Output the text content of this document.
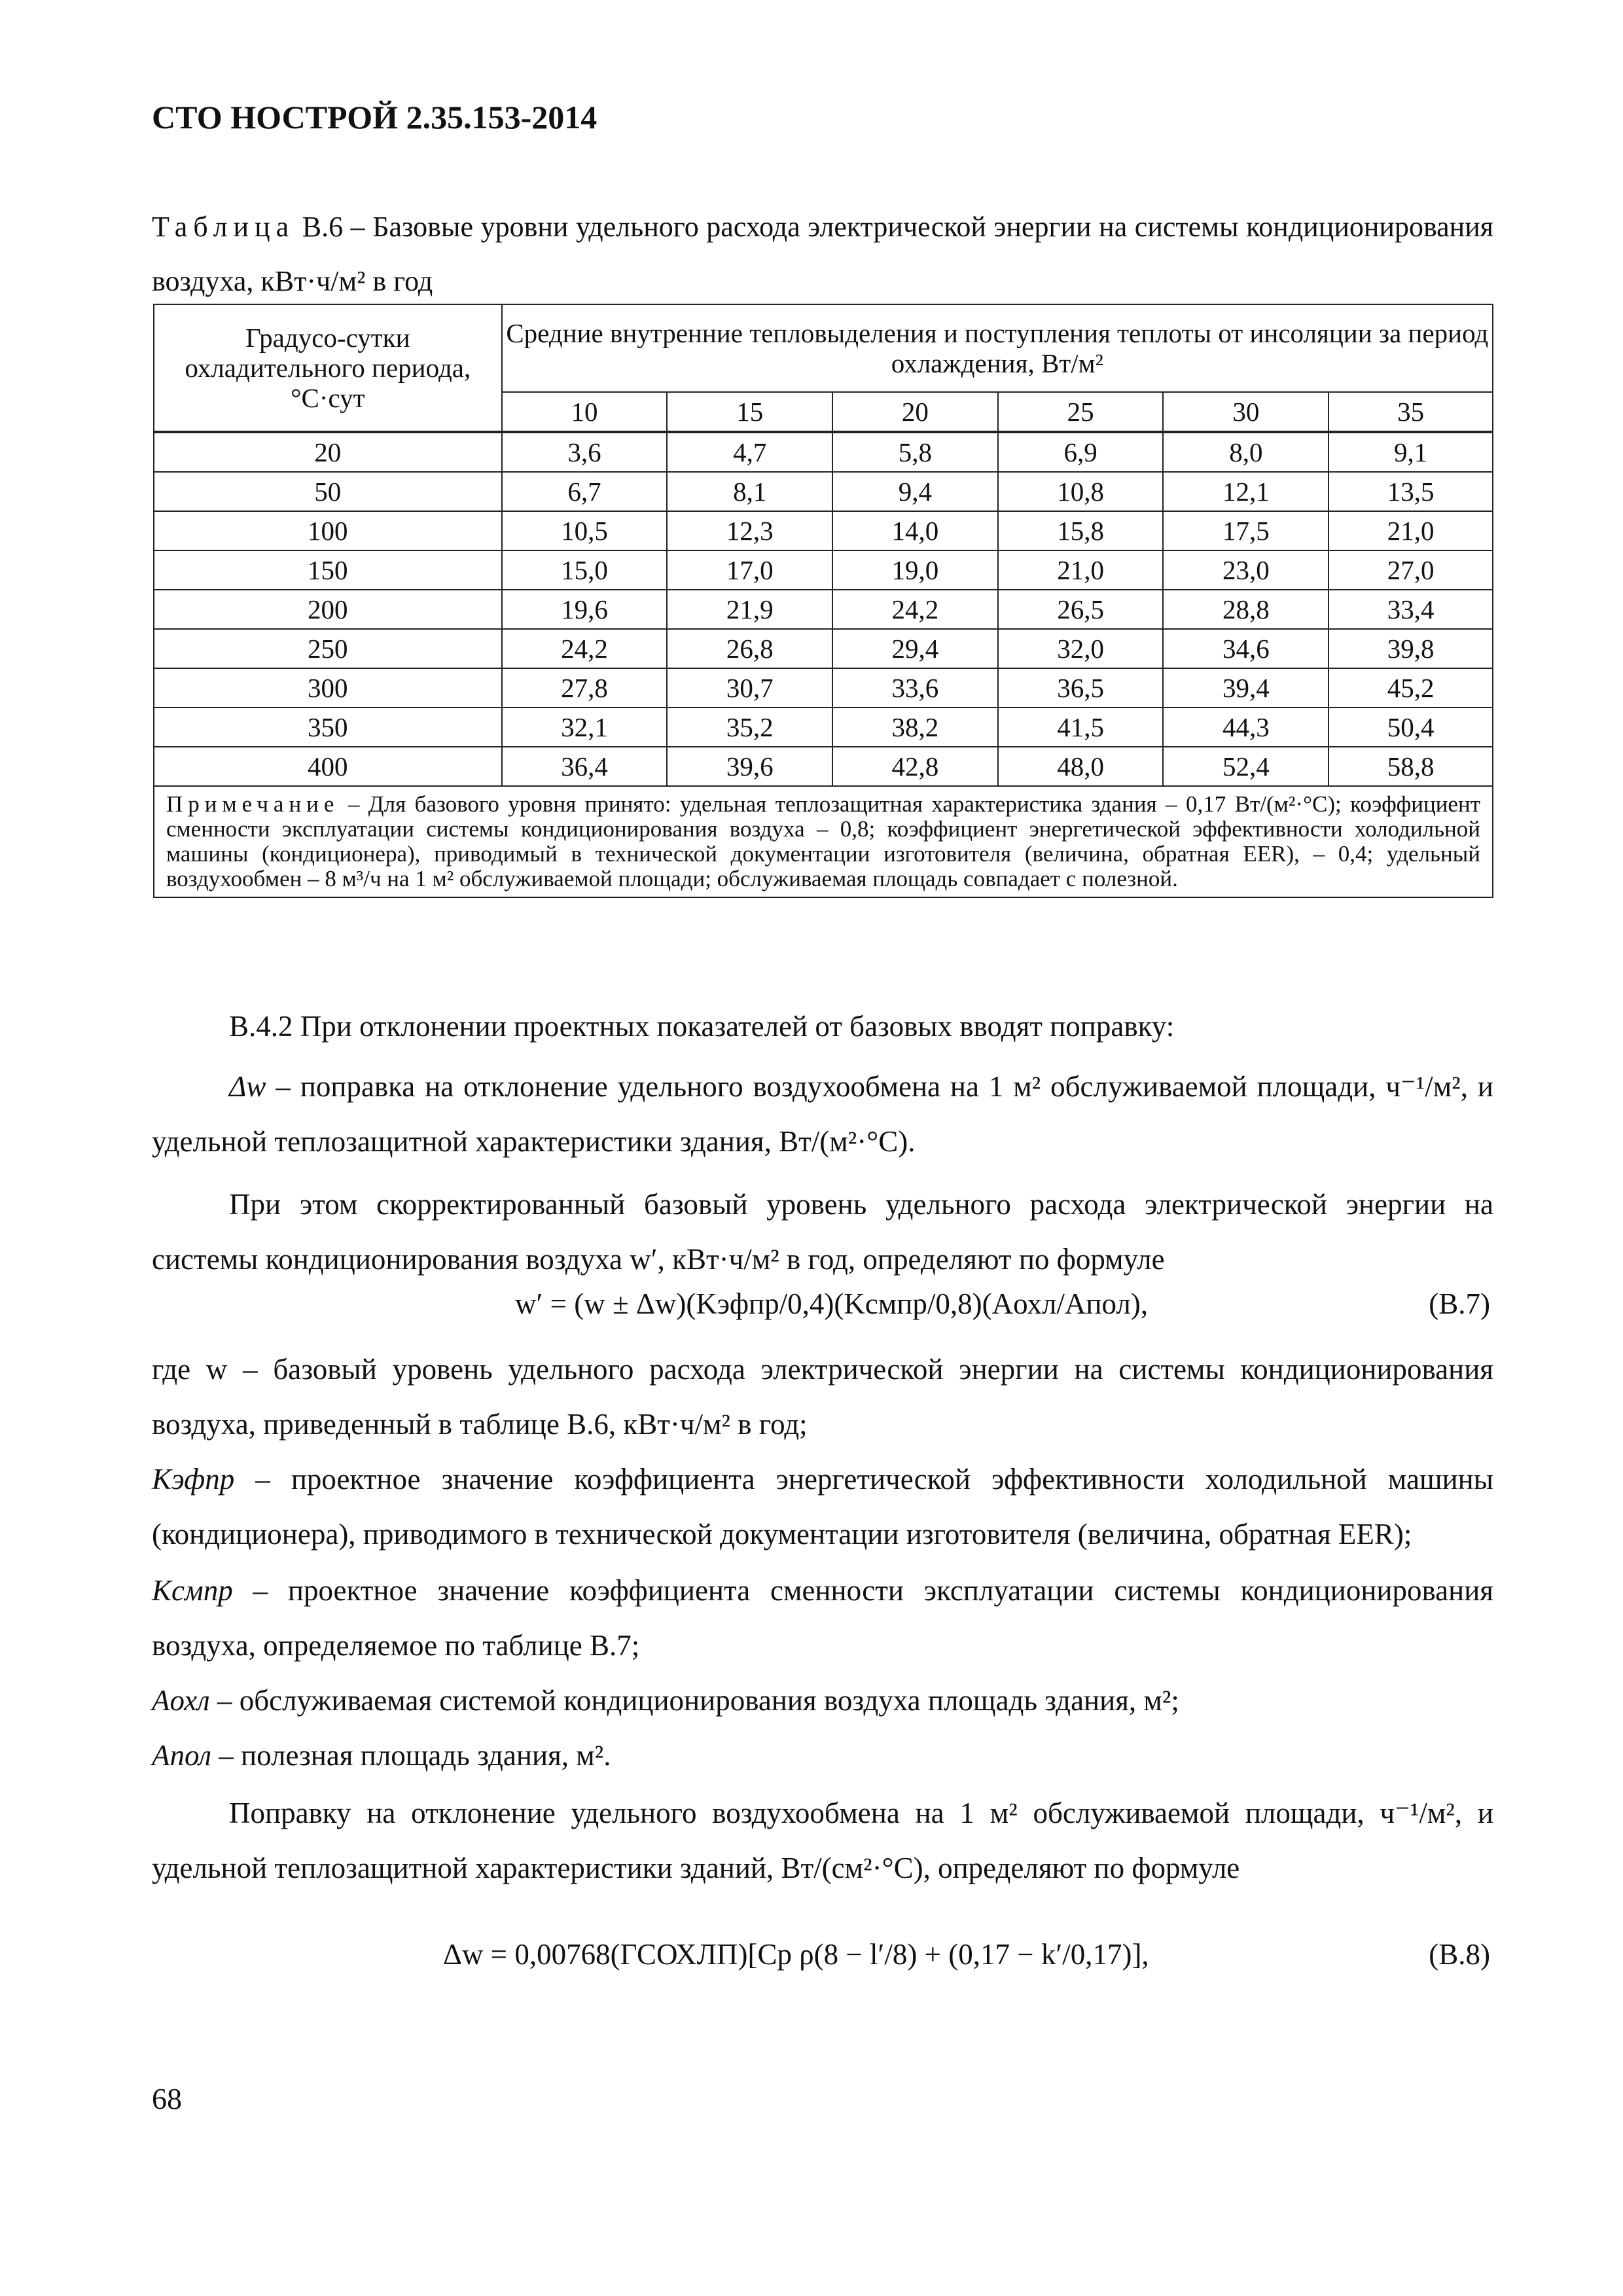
СТО НОСТРОЙ 2.35.153-2014
Таблица В.6 – Базовые уровни удельного расхода электрической энергии на системы кондиционирования воздуха, кВт·ч/м² в год
Градусо-сутки охладительного периода, °С·сут	Средние внутренние тепловыделения и поступления теплоты от инсоляции за период охлаждения, Вт/м²					
	10	15	20	25	30	35
20	3,6	4,7	5,8	6,9	8,0	9,1
50	6,7	8,1	9,4	10,8	12,1	13,5
100	10,5	12,3	14,0	15,8	17,5	21,0
150	15,0	17,0	19,0	21,0	23,0	27,0
200	19,6	21,9	24,2	26,5	28,8	33,4
250	24,2	26,8	29,4	32,0	34,6	39,8
300	27,8	30,7	33,6	36,5	39,4	45,2
350	32,1	35,2	38,2	41,5	44,3	50,4
400	36,4	39,6	42,8	48,0	52,4	58,8
Примечание – Для базового уровня принято: удельная теплозащитная характеристика здания – 0,17 Вт/(м²·°С); коэффициент сменности эксплуатации системы кондиционирования воздуха – 0,8; коэффициент энергетической эффективности холодильной машины (кондиционера), приводимый в технической документации изготовителя (величина, обратная EER), – 0,4; удельный воздухообмен – 8 м³/ч на 1 м² обслуживаемой площади; обслуживаемая площадь совпадает с полезной.						
В.4.2 При отклонении проектных показателей от базовых вводят поправку:
Δw – поправка на отклонение удельного воздухообмена на 1 м² обслуживаемой площади, ч⁻¹/м², и удельной теплозащитной характеристики здания, Вт/(м²·°С).
При этом скорректированный базовый уровень удельного расхода электрической энергии на системы кондиционирования воздуха w′, кВт·ч/м² в год, определяют по формуле
w′ = (w ± Δw)(Kэфпр/0,4)(Kсмпр/0,8)(Aохл/Aпол),	(В.7)
где w – базовый уровень удельного расхода электрической энергии на системы кондиционирования воздуха, приведенный в таблице В.6, кВт·ч/м² в год;
Kэфпр – проектное значение коэффициента энергетической эффективности холодильной машины (кондиционера), приводимого в технической документации изготовителя (величина, обратная EER);
Kсмпр – проектное значение коэффициента сменности эксплуатации системы кондиционирования воздуха, определяемое по таблице В.7;
Aохл – обслуживаемая системой кондиционирования воздуха площадь здания, м²;
Aпол – полезная площадь здания, м².
Поправку на отклонение удельного воздухообмена на 1 м² обслуживаемой площади, ч⁻¹/м², и удельной теплозащитной характеристики зданий, Вт/(см²·°С), определяют по формуле
Δw = 0,00768(ГСОХЛП)[Cp ρ(8 − l′/8) + (0,17 − k′/0,17)],	(В.8)
68
